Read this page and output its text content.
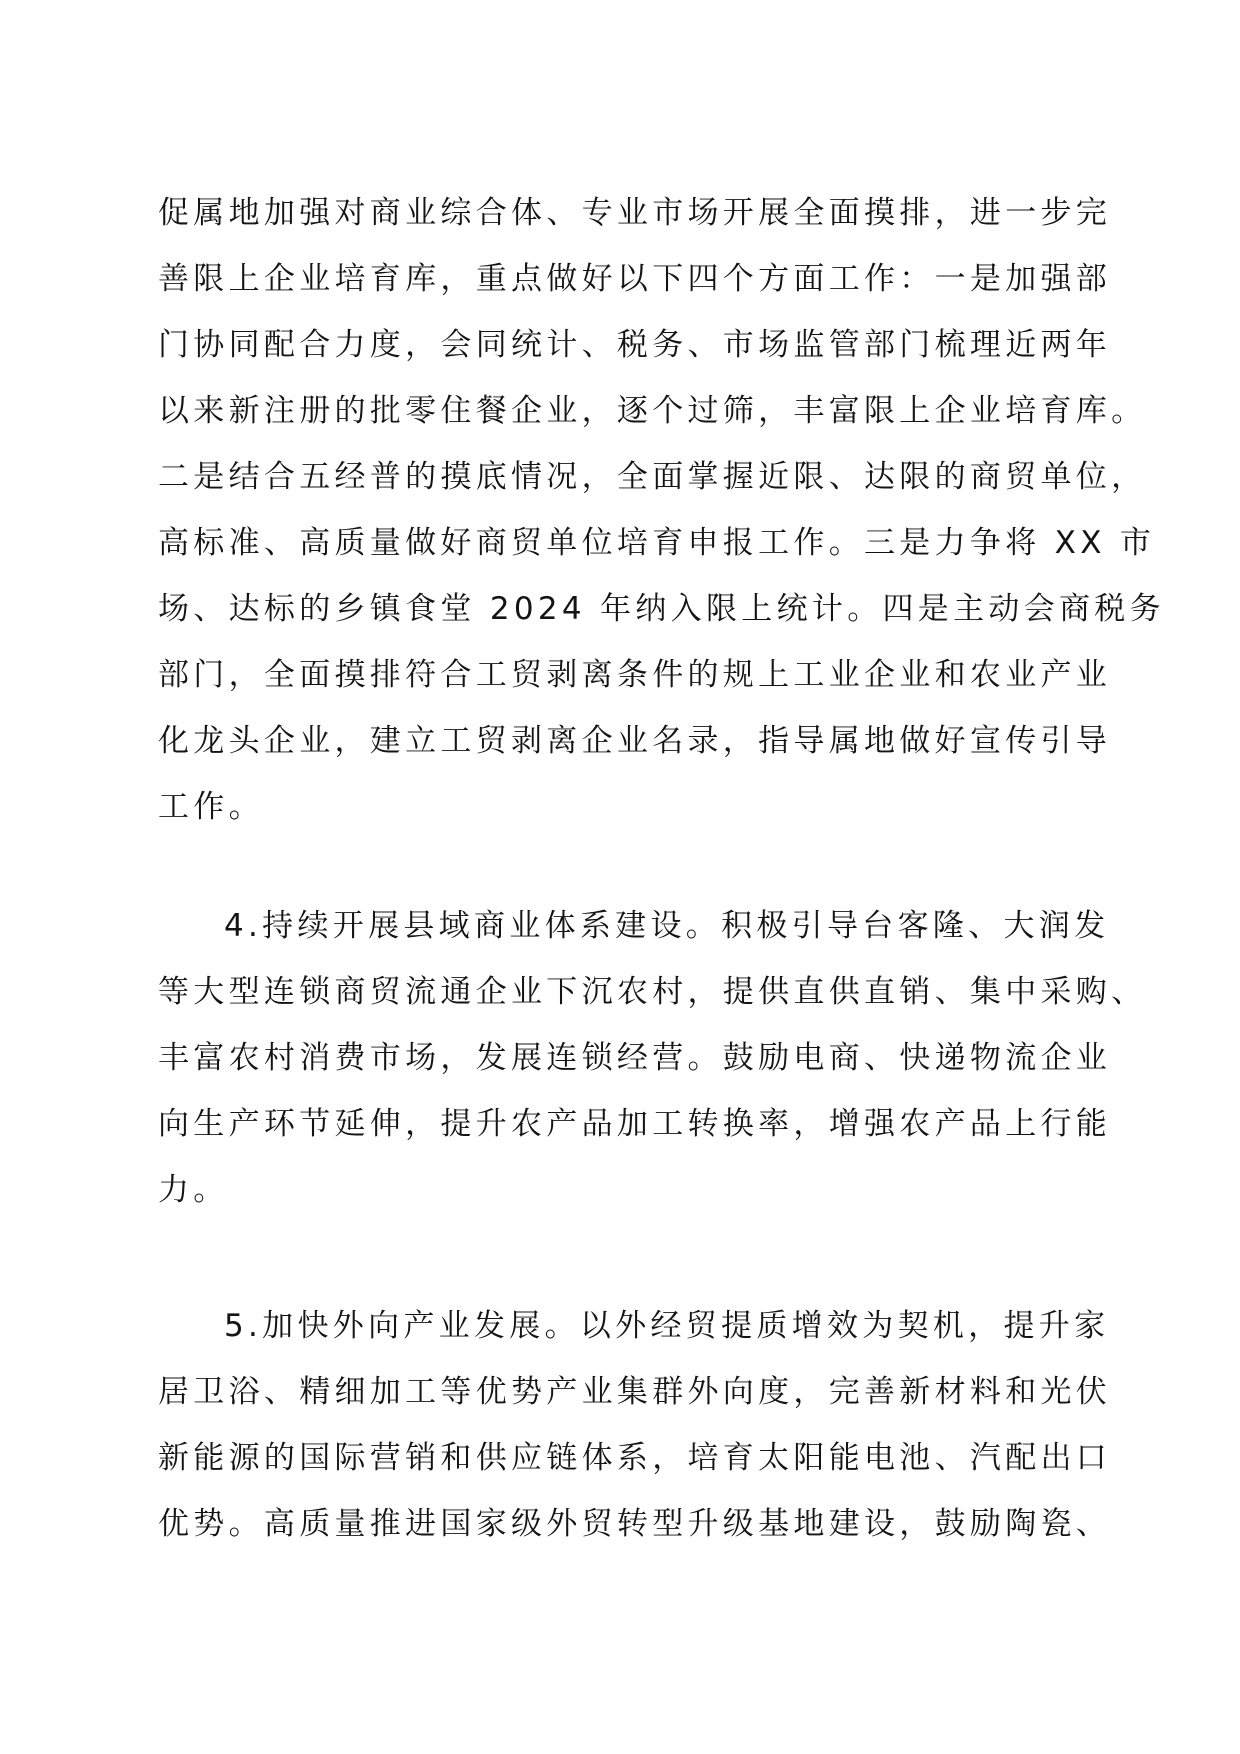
促属地加强对商业综合体、专业市场开展全面摸排，进一步完
善限上企业培育库，重点做好以下四个方面工作：一是加强部
门协同配合力度，会同统计、税务、市场监管部门梳理近两年
以来新注册的批零住餐企业，逐个过筛，丰富限上企业培育库。
二是结合五经普的摸底情况，全面掌握近限、达限的商贸单位，
高标准、高质量做好商贸单位培育申报工作。三是力争将 XX 市
场、达标的乡镇食堂 2024 年纳入限上统计。四是主动会商税务
部门，全面摸排符合工贸剥离条件的规上工业企业和农业产业
化龙头企业，建立工贸剥离企业名录，指导属地做好宣传引导
工作。
4.持续开展县域商业体系建设。积极引导台客隆、大润发
等大型连锁商贸流通企业下沉农村，提供直供直销、集中采购、
丰富农村消费市场，发展连锁经营。鼓励电商、快递物流企业
向生产环节延伸，提升农产品加工转换率，增强农产品上行能
力。
5.加快外向产业发展。以外经贸提质增效为契机，提升家
居卫浴、精细加工等优势产业集群外向度，完善新材料和光伏
新能源的国际营销和供应链体系，培育太阳能电池、汽配出口
优势。高质量推进国家级外贸转型升级基地建设，鼓励陶瓷、
